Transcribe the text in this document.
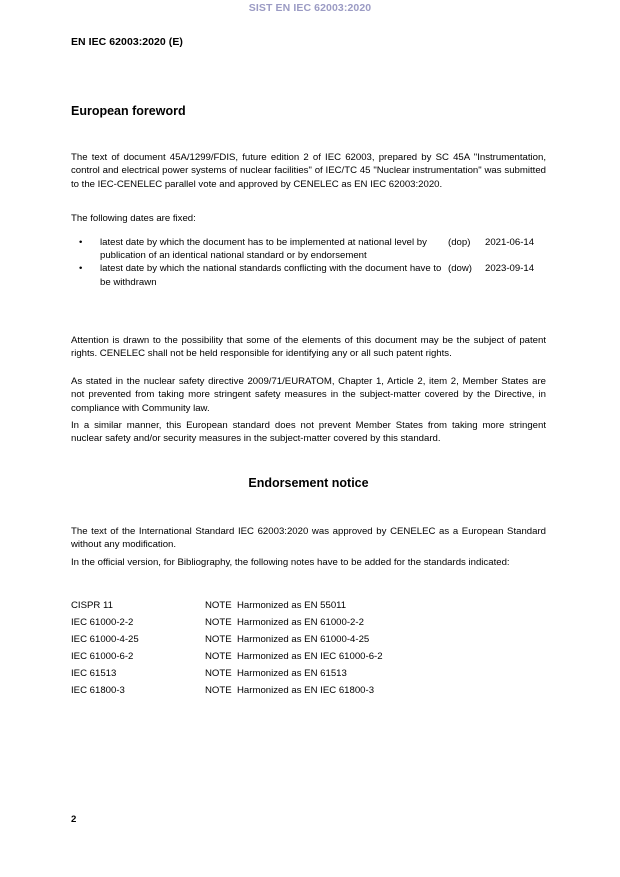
SIST EN IEC 62003:2020
EN IEC 62003:2020 (E)
European foreword

The text of document 45A/1299/FDIS, future edition 2 of IEC 62003, prepared by SC 45A "Instrumentation, control and electrical power systems of nuclear facilities" of IEC/TC 45 "Nuclear instrumentation" was submitted to the IEC-CENELEC parallel vote and approved by CENELEC as EN IEC 62003:2020.

The following dates are fixed:

• latest date by which the document has to be implemented at national level by publication of an identical national standard or by endorsement
(dop) 2021-06-14
• latest date by which the national standards conflicting with the document have to be withdrawn
(dow) 2023-09-14

Attention is drawn to the possibility that some of the elements of this document may be the subject of patent rights. CENELEC shall not be held responsible for identifying any or all such patent rights.

As stated in the nuclear safety directive 2009/71/EURATOM, Chapter 1, Article 2, item 2, Member States are not prevented from taking more stringent safety measures in the subject-matter covered by the Directive, in compliance with Community law.

In a similar manner, this European standard does not prevent Member States from taking more stringent nuclear safety and/or security measures in the subject-matter covered by this standard.

Endorsement notice

The text of the International Standard IEC 62003:2020 was approved by CENELEC as a European Standard without any modification.

In the official version, for Bibliography, the following notes have to be added for the standards indicated:

CISPR 11	NOTE	Harmonized as EN 55011
IEC 61000-2-2	NOTE	Harmonized as EN 61000-2-2
IEC 61000-4-25	NOTE	Harmonized as EN 61000-4-25
IEC 61000-6-2	NOTE	Harmonized as EN IEC 61000-6-2
IEC 61513	NOTE	Harmonized as EN 61513
IEC 61800-3	NOTE	Harmonized as EN IEC 61800-3
2
